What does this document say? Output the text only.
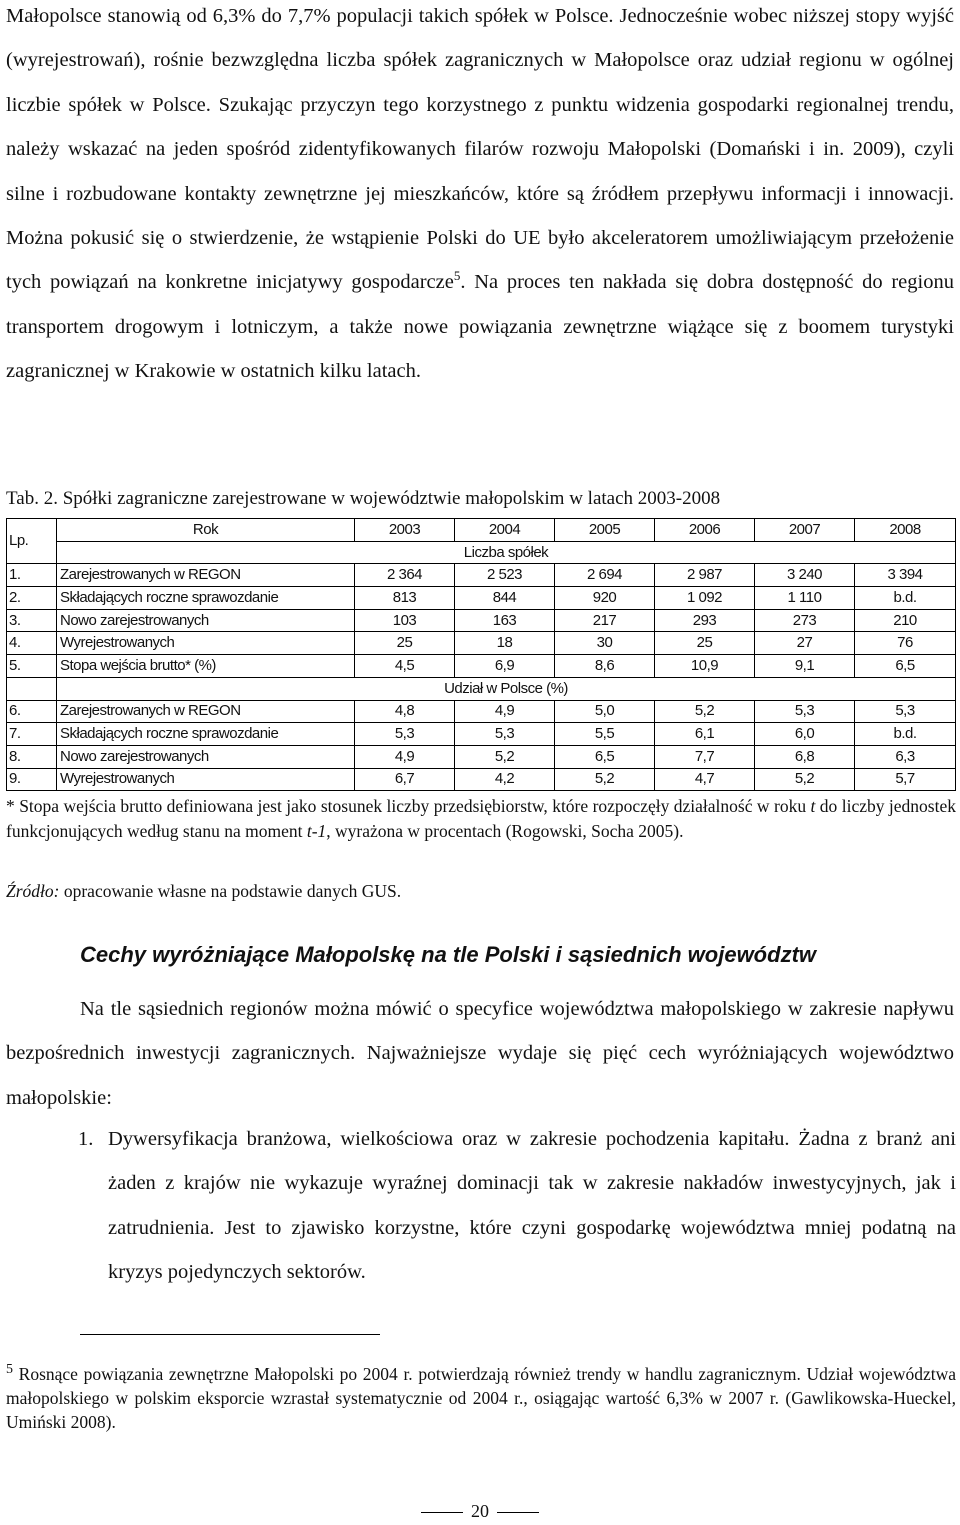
Małopolsce stanowią od 6,3% do 7,7% populacji takich spółek w Polsce. Jednocześnie wobec niższej stopy wyjść (wyrejestrowań), rośnie bezwzględna liczba spółek zagranicznych w Małopolsce oraz udział regionu w ogólnej liczbie spółek w Polsce. Szukając przyczyn tego korzystnego z punktu widzenia gospodarki regionalnej trendu, należy wskazać na jeden spośród zidentyfikowanych filarów rozwoju Małopolski (Domański i in. 2009), czyli silne i rozbudowane kontakty zewnętrzne jej mieszkańców, które są źródłem przepływu informacji i innowacji. Można pokusić się o stwierdzenie, że wstąpienie Polski do UE było akceleratorem umożliwiającym przełożenie tych powiązań na konkretne inicjatywy gospodarcze$^5$. Na proces ten nakłada się dobra dostępność do regionu transportem drogowym i lotniczym, a także nowe powiązania zewnętrzne wiążące się z boomem turystyki zagranicznej w Krakowie w ostatnich kilku latach.

Tab. 2. Spółki zagraniczne zarejestrowane w województwie małopolskim w latach 2003-2008
Lp.	Rok	2003	2004	2005	2006	2007	2008
	Liczba spółek						
1.	Zarejestrowanych w REGON	2 364	2 523	2 694	2 987	3 240	3 394
2.	Składających roczne sprawozdanie	813	844	920	1 092	1 110	b.d.
3.	Nowo zarejestrowanych	103	163	217	293	273	210
4.	Wyrejestrowanych	25	18	30	25	27	76
5.	Stopa wejścia brutto* (%)	4,5	6,9	8,6	10,9	9,1	6,5
	Udział w Polsce (%)						
6.	Zarejestrowanych w REGON	4,8	4,9	5,0	5,2	5,3	5,3
7.	Składających roczne sprawozdanie	5,3	5,3	5,5	6,1	6,0	b.d.
8.	Nowo zarejestrowanych	4,9	5,2	6,5	7,7	6,8	6,3
9.	Wyrejestrowanych	6,7	4,2	5,2	4,7	5,2	5,7
* Stopa wejścia brutto definiowana jest jako stosunek liczby przedsiębiorstw, które rozpoczęły działalność w roku t do liczby jednostek funkcjonujących według stanu na moment t-1, wyrażona w procentach (Rogowski, Socha 2005).
Źródło: opracowanie własne na podstawie danych GUS.
Cechy wyróżniające Małopolskę na tle Polski i sąsiednich województw

Na tle sąsiednich regionów można mówić o specyfice województwa małopolskiego w zakresie napływu bezpośrednich inwestycji zagranicznych. Najważniejsze wydaje się pięć cech wyróżniających województwo małopolskie:

1. Dywersyfikacja branżowa, wielkościowa oraz w zakresie pochodzenia kapitału. Żadna z branż ani żaden z krajów nie wykazuje wyraźnej dominacji tak w zakresie nakładów inwestycyjnych, jak i zatrudnienia. Jest to zjawisko korzystne, które czyni gospodarkę województwa mniej podatną na kryzys pojedynczych sektorów.
$^5$ Rosnące powiązania zewnętrzne Małopolski po 2004 r. potwierdzają również trendy w handlu zagranicznym. Udział województwa małopolskiego w polskim eksporcie wzrastał systematycznie od 2004 r., osiągając wartość 6,3% w 2007 r. (Gawlikowska-Hueckel, Umiński 2008).
20
